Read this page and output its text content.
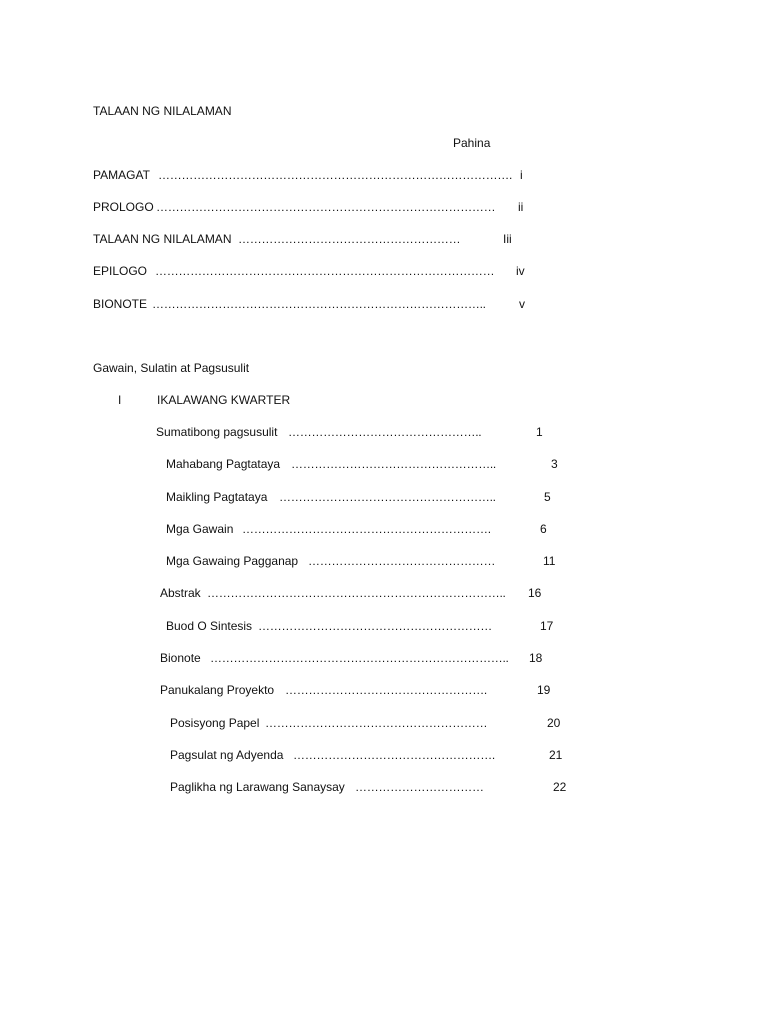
TALAAN NG NILALAMAN
Pahina
PAMAGAT ………………………………………………………………………………. i
PROLOGO …………………………………………………………………………… ii
TALAAN NG NILALAMAN …………………………………………………	Iii
EPILOGO …………………………………………………………………………… iv
BIONOTE …………………………………………………………………………..	v
Gawain, Sulatin at Pagsusulit
I	IKALAWANG KWARTER
Sumatibong pagsusulit …………………………………………..	1
Mahabang Pagtataya ……………………………………………..	3
Maikling Pagtataya ………………………………………………..	5
Mga Gawain ……………………………………………………….	6
Mga Gawaing Pagganap …………………………………………	11
Abstrak ………………………………………………………………….. 16
Buod O Sintesis ……………………………………………………	17
Bionote ………………………………………………………………….. 18
Panukalang Proyekto …………………………………………….	19
Posisyong Papel …………………………………………………	20
Pagsulat ng Adyenda …………………………………………….	21
Paglikha ng Larawang Sanaysay ……………………………	22
